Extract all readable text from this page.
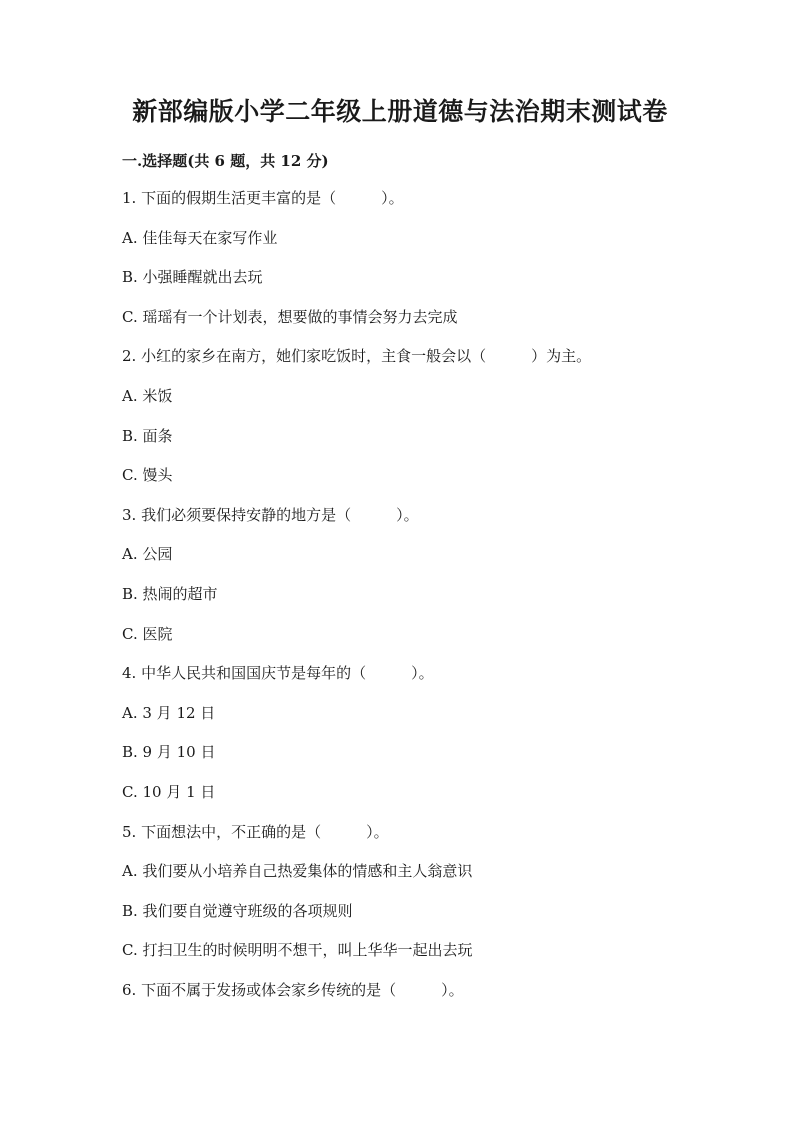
新部编版小学二年级上册道德与法治期末测试卷
一.选择题(共 6 题，共 12 分)
1. 下面的假期生活更丰富的是（　　　）。
A. 佳佳每天在家写作业
B. 小强睡醒就出去玩
C. 瑶瑶有一个计划表，想要做的事情会努力去完成
2. 小红的家乡在南方，她们家吃饭时，主食一般会以（　　　）为主。
A. 米饭
B. 面条
C. 馒头
3. 我们必须要保持安静的地方是（　　　）。
A. 公园
B. 热闹的超市
C. 医院
4. 中华人民共和国国庆节是每年的（　　　）。
A. 3 月 12 日
B. 9 月 10 日
C. 10 月 1 日
5. 下面想法中，不正确的是（　　　）。
A. 我们要从小培养自己热爱集体的情感和主人翁意识
B. 我们要自觉遵守班级的各项规则
C. 打扫卫生的时候明明不想干，叫上华华一起出去玩
6. 下面不属于发扬或体会家乡传统的是（　　　）。
